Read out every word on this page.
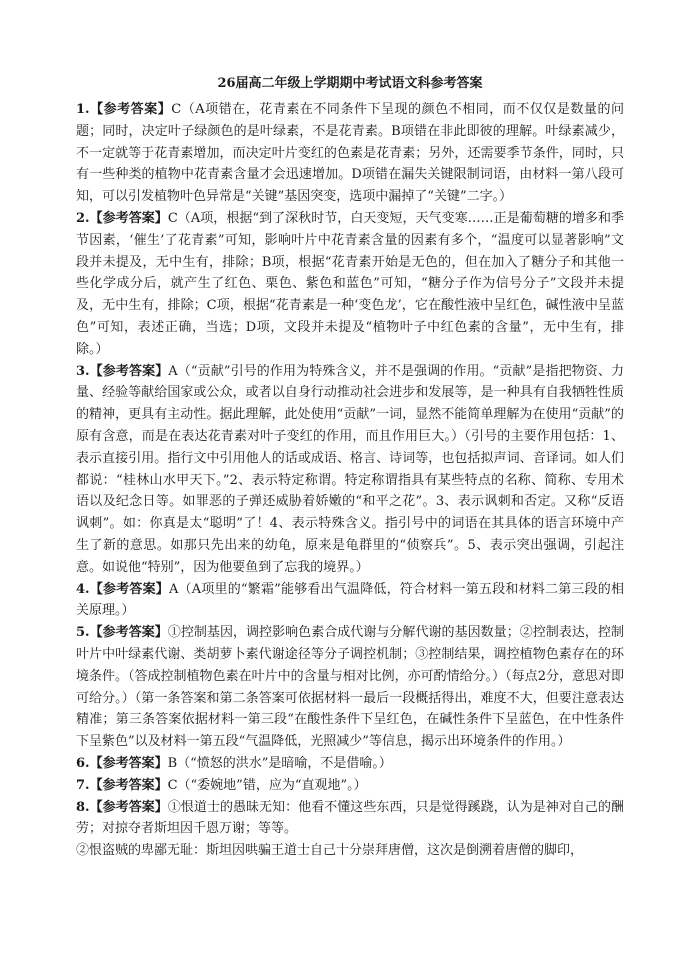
26届高二年级上学期期中考试语文科参考答案

1.【参考答案】C（A项错在，花青素在不同条件下呈现的颜色不相同，而不仅仅是数量的问题；同时，决定叶子绿颜色的是叶绿素，不是花青素。B项错在非此即彼的理解。叶绿素减少，不一定就等于花青素增加，而决定叶片变红的色素是花青素；另外，还需要季节条件，同时，只有一些种类的植物中花青素含量才会迅速增加。D项错在漏失关键限制词语，由材料一第八段可知，可以引发植物叶色异常是“关键”基因突变，选项中漏掉了“关键”二字。）

2.【参考答案】C（A项，根据“到了深秋时节，白天变短，天气变寒……正是葡萄糖的增多和季节因素，‘催生’了花青素”可知，影响叶片中花青素含量的因素有多个，“温度可以显著影响”文段并未提及，无中生有，排除；B项，根据“花青素开始是无色的，但在加入了糖分子和其他一些化学成分后，就产生了红色、栗色、紫色和蓝色”可知，“糖分子作为信号分子”文段并未提及，无中生有，排除；C项，根据“花青素是一种‘变色龙’，它在酸性液中呈红色，碱性液中呈蓝色”可知，表述正确，当选；D项，文段并未提及“植物叶子中红色素的含量”，无中生有，排除。）

3.【参考答案】A（“贡献”引号的作用为特殊含义，并不是强调的作用。“贡献”是指把物资、力量、经验等献给国家或公众，或者以自身行动推动社会进步和发展等，是一种具有自我牺牲性质的精神，更具有主动性。据此理解，此处使用“贡献”一词，显然不能简单理解为在使用“贡献”的原有含意，而是在表达花青素对叶子变红的作用，而且作用巨大。）（引号的主要作用包括：1、表示直接引用。指行文中引用他人的话或成语、格言、诗词等，也包括拟声词、音译词。如人们都说：“桂林山水甲天下。”2、表示特定称谓。特定称谓指具有某些特点的名称、简称、专用术语以及纪念日等。如罪恶的子弹还威胁着娇嫩的“和平之花”。3、表示讽刺和否定。又称“反语讽刺”。如：你真是太“聪明”了！4、表示特殊含义。指引号中的词语在其具体的语言环境中产生了新的意思。如那只先出来的幼龟，原来是龟群里的“侦察兵”。5、表示突出强调，引起注意。如说他“特别”，因为他要鱼到了忘我的境界。）

4.【参考答案】A（A项里的“繁霜”能够看出气温降低，符合材料一第五段和材料二第三段的相关原理。）

5.【参考答案】①控制基因，调控影响色素合成代谢与分解代谢的基因数量；②控制表达，控制叶片中叶绿素代谢、类胡萝卜素代谢途径等分子调控机制；③控制结果，调控植物色素存在的环境条件。（答成控制植物色素在叶片中的含量与相对比例，亦可酌情给分。）（每点2分，意思对即可给分。）（第一条答案和第二条答案可依据材料一最后一段概括得出，难度不大，但要注意表达精准；第三条答案依据材料一第三段“在酸性条件下呈红色，在碱性条件下呈蓝色，在中性条件下呈紫色”以及材料一第五段“气温降低，光照减少”等信息，揭示出环境条件的作用。）

6.【参考答案】B（“愤怒的洪水”是暗喻，不是借喻。）

7.【参考答案】C（“委婉地”错，应为“直观地”。）

8.【参考答案】①恨道士的愚昧无知：他看不懂这些东西，只是觉得蹊跷，认为是神对自己的酬劳；对掠夺者斯坦因千恩万谢；等等。

②恨盗贼的卑鄙无耻：斯坦因哄骗王道士自己十分崇拜唐僧，这次是倒溯着唐僧的脚印，
